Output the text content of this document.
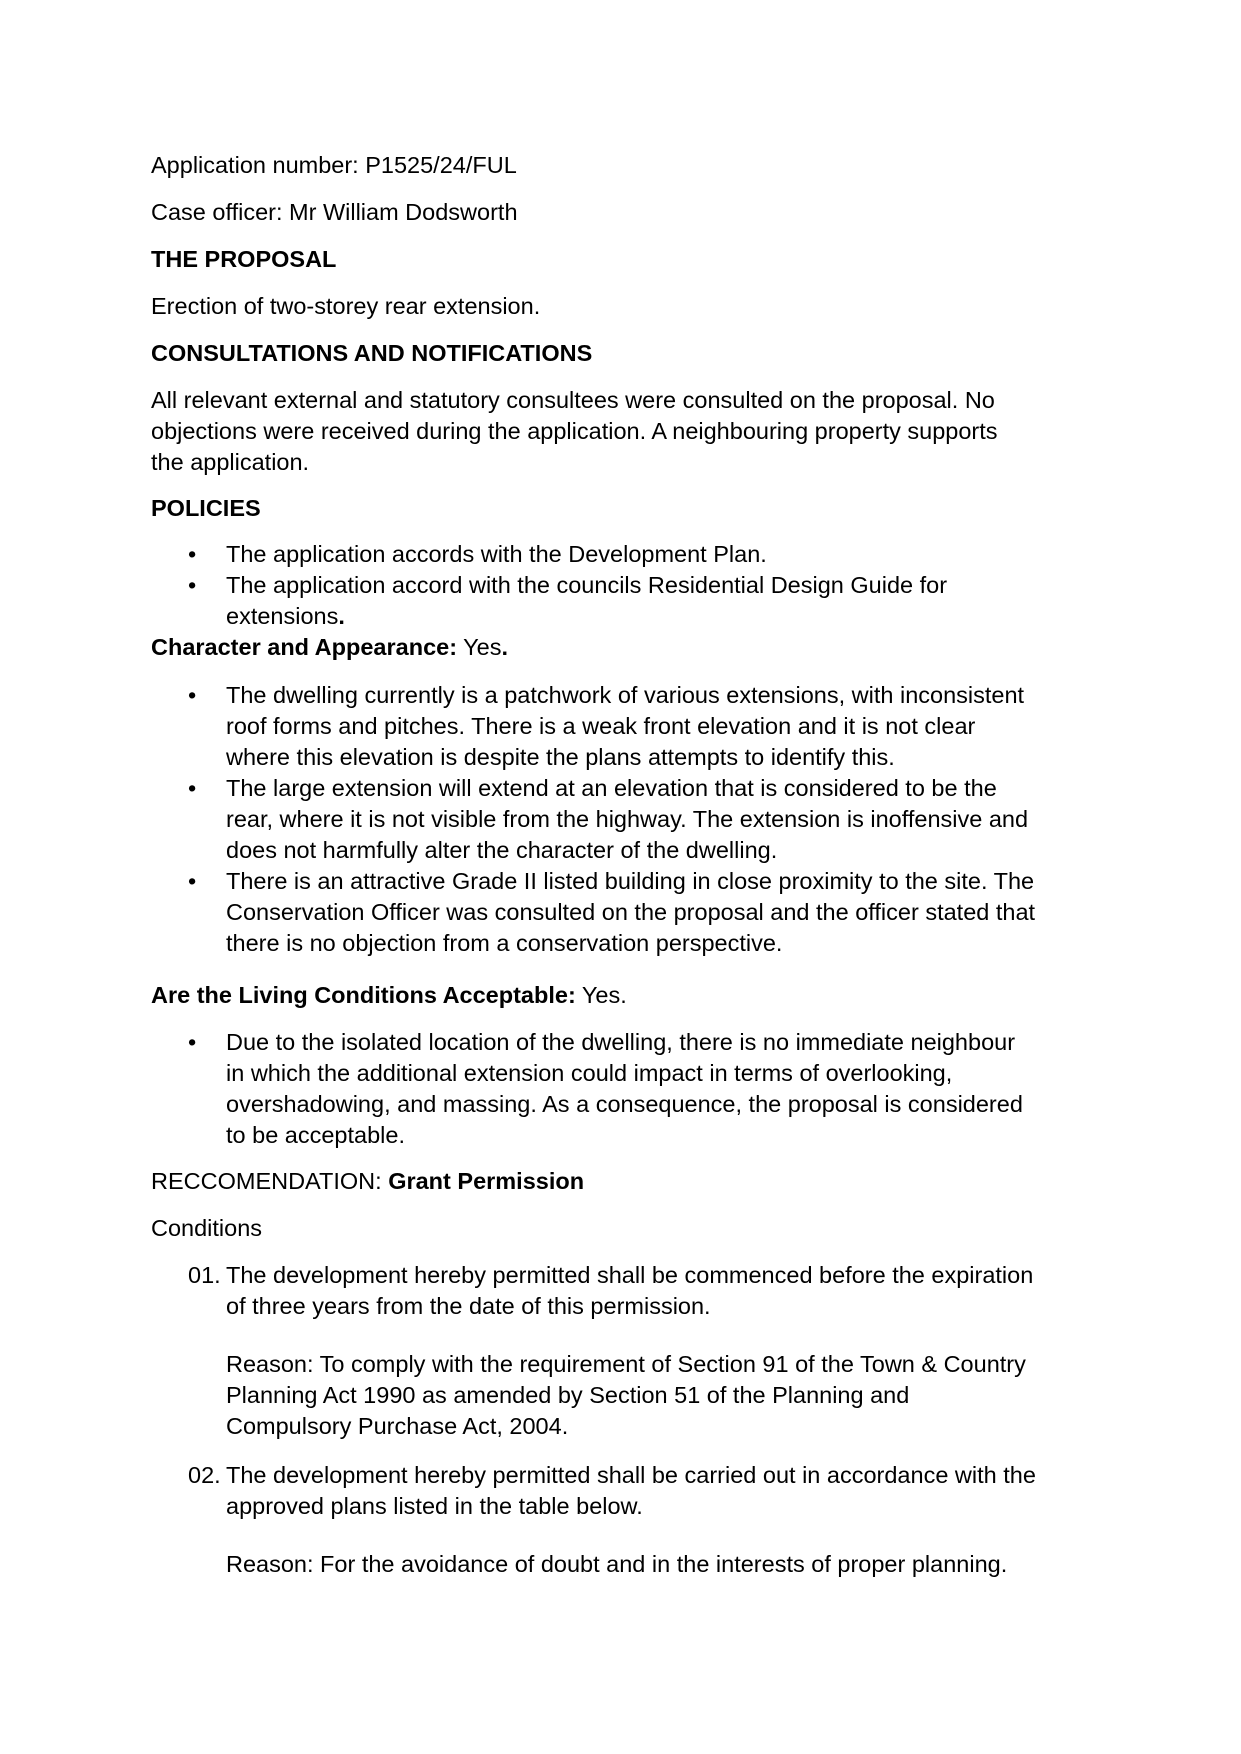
Application number: P1525/24/FUL
Case officer: Mr William Dodsworth
THE PROPOSAL
Erection of two-storey rear extension.
CONSULTATIONS AND NOTIFICATIONS
All relevant external and statutory consultees were consulted on the proposal. No
objections were received during the application. A neighbouring property supports
the application.
POLICIES
• The application accords with the Development Plan.
• The application accord with the councils Residential Design Guide for
extensions.
Character and Appearance: Yes.
• The dwelling currently is a patchwork of various extensions, with inconsistent
roof forms and pitches. There is a weak front elevation and it is not clear
where this elevation is despite the plans attempts to identify this.
• The large extension will extend at an elevation that is considered to be the
rear, where it is not visible from the highway. The extension is inoffensive and
does not harmfully alter the character of the dwelling.
• There is an attractive Grade II listed building in close proximity to the site. The
Conservation Officer was consulted on the proposal and the officer stated that
there is no objection from a conservation perspective.
Are the Living Conditions Acceptable: Yes.
• Due to the isolated location of the dwelling, there is no immediate neighbour
in which the additional extension could impact in terms of overlooking,
overshadowing, and massing. As a consequence, the proposal is considered
to be acceptable.
RECCOMENDATION: Grant Permission
Conditions
01. The development hereby permitted shall be commenced before the expiration
of three years from the date of this permission.
Reason: To comply with the requirement of Section 91 of the Town & Country
Planning Act 1990 as amended by Section 51 of the Planning and
Compulsory Purchase Act, 2004.
02. The development hereby permitted shall be carried out in accordance with the
approved plans listed in the table below.
Reason: For the avoidance of doubt and in the interests of proper planning.
